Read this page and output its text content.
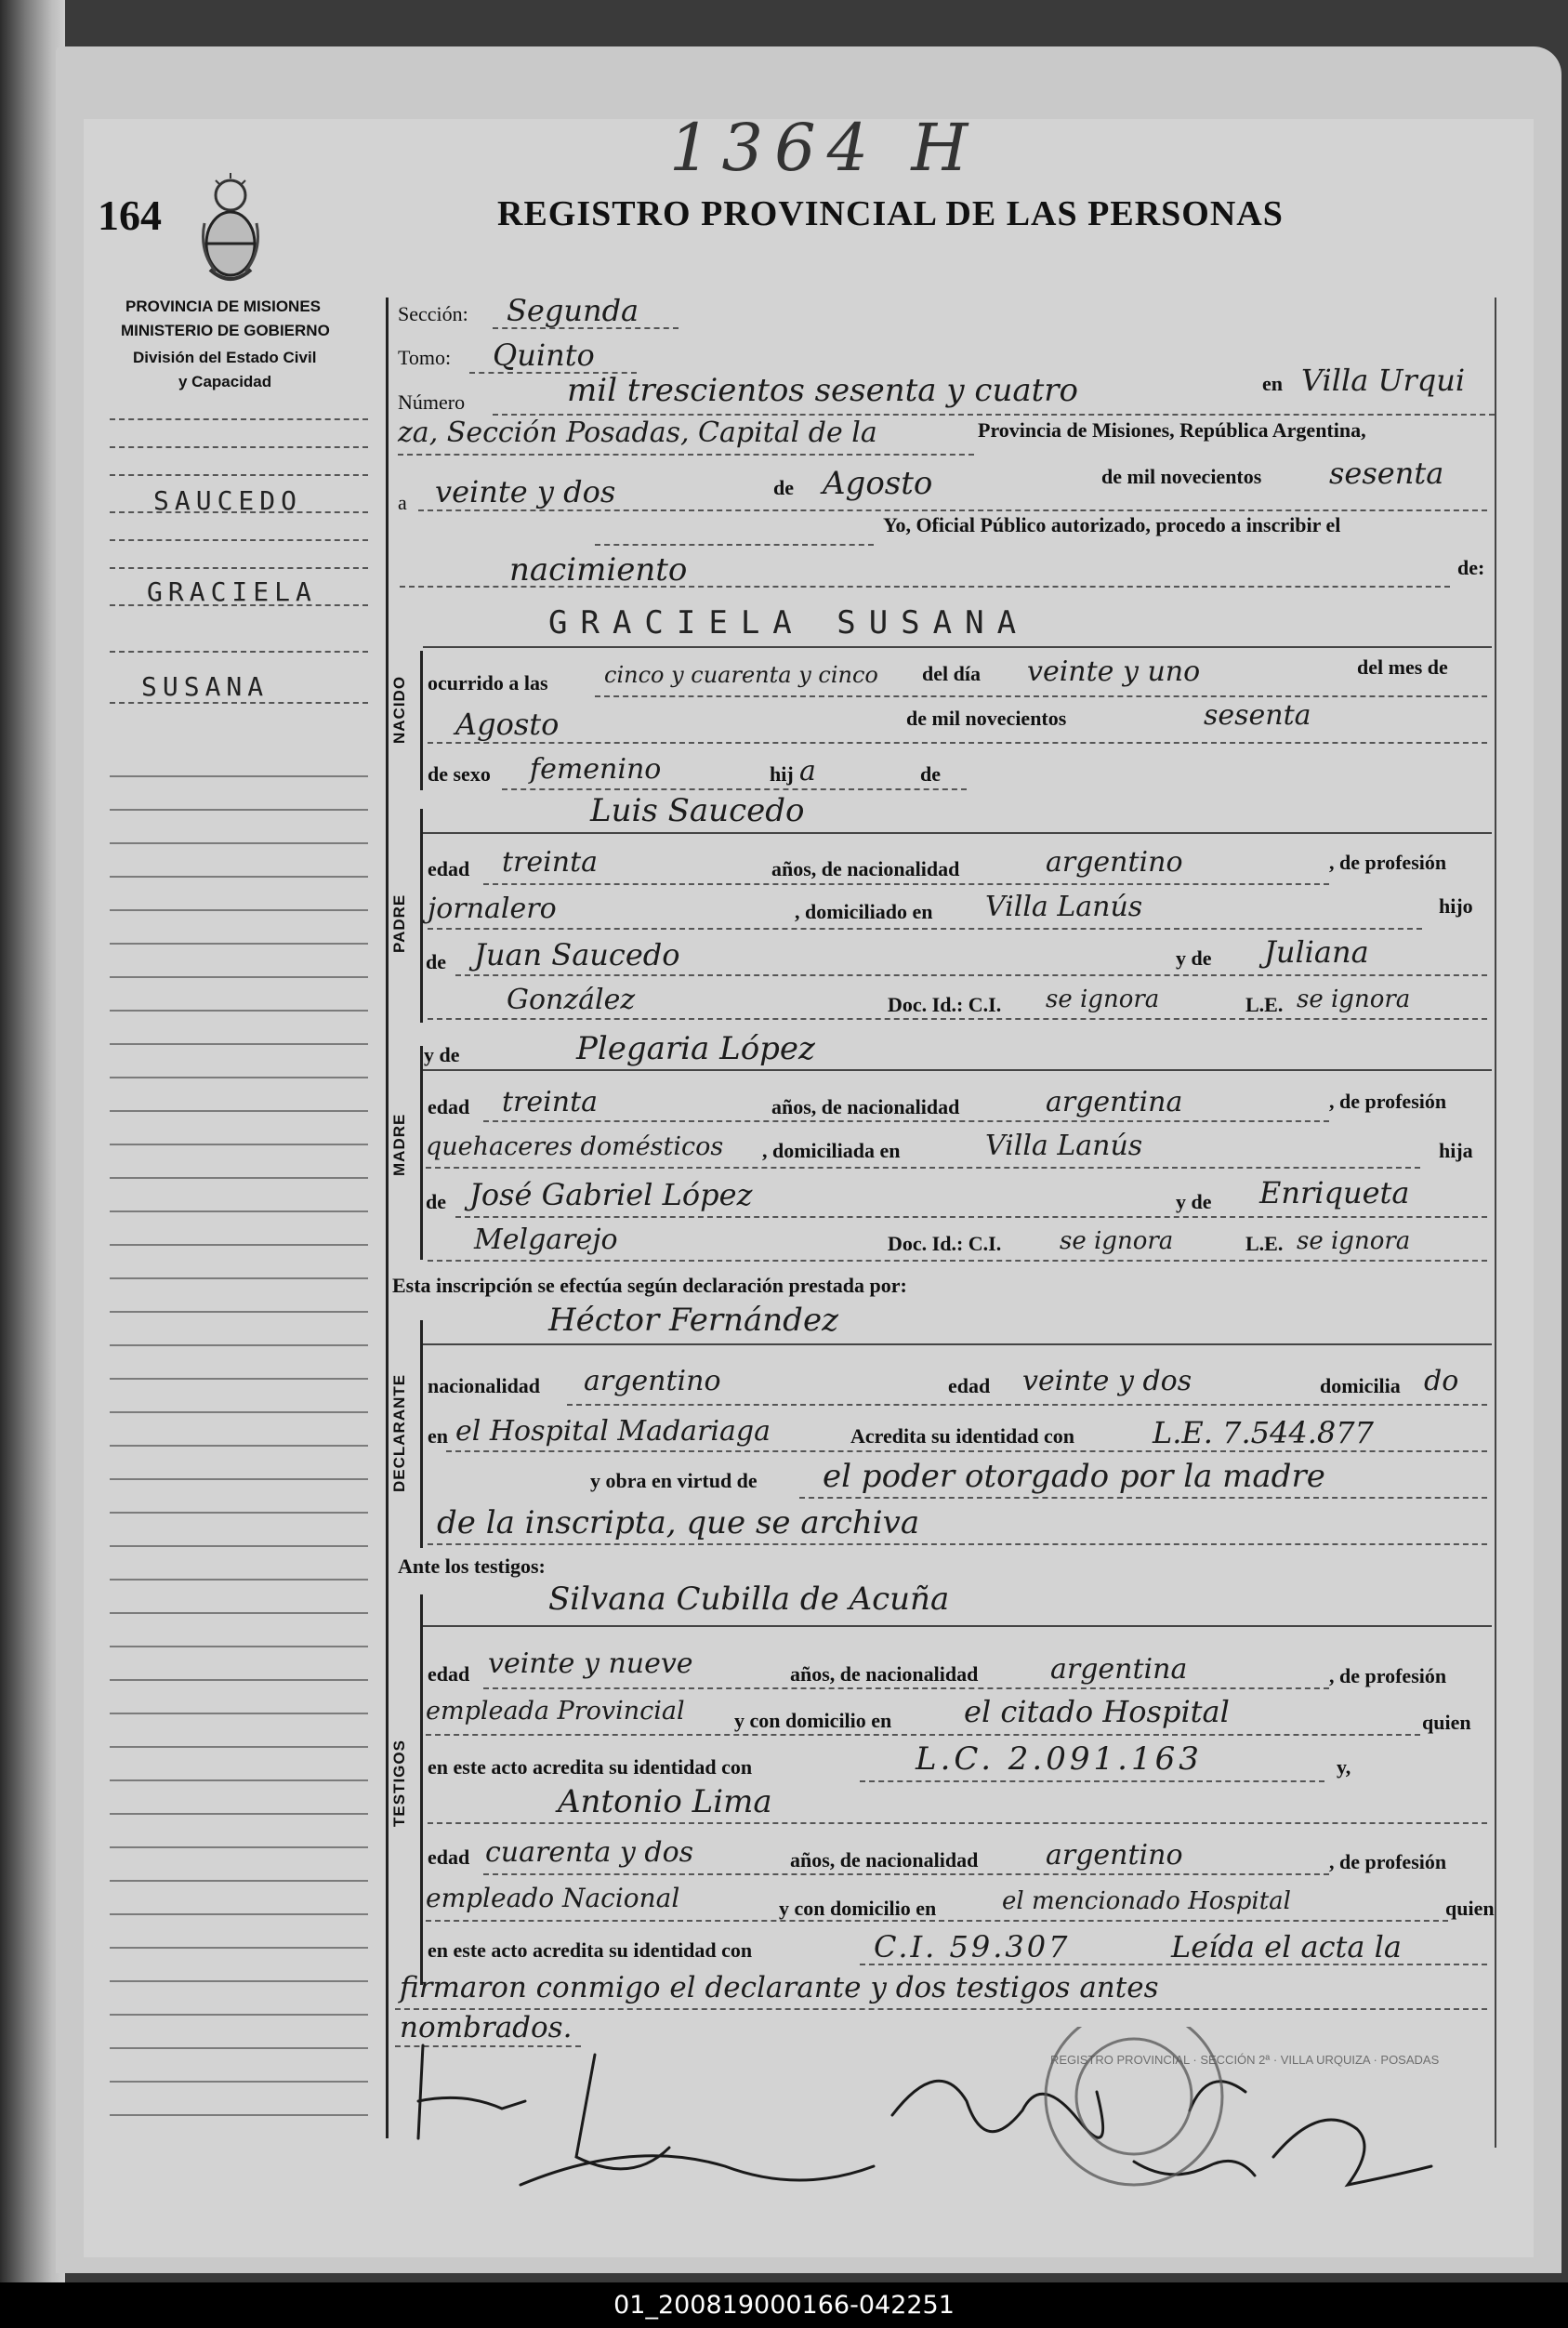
1364 H
164	REGISTRO PROVINCIAL DE LAS PERSONAS
PROVINCIA DE MISIONES
MINISTERIO DE GOBIERNO
División del Estado Civil
y Capacidad
SAUCEDO
GRACIELA
SUSANA
Sección: Segunda
Tomo: Quinto
Número	mil trescientos sesenta y cuatro	en Villa Urqui
za, Sección Posadas, Capital de la	Provincia de Misiones, República Argentina,
a veinte y dos	de Agosto	de mil novecientos sesenta
Yo, Oficial Público autorizado, procedo a inscribir el
nacimiento	de:
GRACIELA SUSANA
NACIDO ocurrido a las	cinco y cuarenta y cinco del día veinte y uno	del mes de
Agosto	de mil novecientos	sesenta
de sexo femenino	hij a	de
Luis Saucedo
PADRE
edad treinta	años, de nacionalidad	argentino	, de profesión
jornalero	, domiciliado en Villa Lanús	hijo
de Juan Saucedo	y de Juliana
González	Doc. Id.: C.I. se ignora	L.E. se ignora
y de	Plegaria López
MADRE
edad treinta	años, de nacionalidad	argentina	, de profesión
quehaceres domésticos , domiciliada en	Villa Lanús	hija
de José Gabriel López	y de Enriqueta
Melgarejo	Doc. Id.: C.I. se ignora	L.E. se ignora
Esta inscripción se efectúa según declaración prestada por:
Héctor Fernández
DECLARANTE nacionalidad argentino	edad veinte y dos	domicilia do
en el Hospital Madariaga	Acredita su identidad con	L.E. 7.544.877
y obra en virtud de el poder otorgado por la madre
de la inscripta, que se archiva
Ante los testigos:
Silvana Cubilla de Acuña
TESTIGOS
edad veinte y nueve	años, de nacionalidad	argentina	, de profesión
empleada Provincial y con domicilio en el citado Hospital	quien
en este acto acredita su identidad con	L.C. 2.091.163	y,
Antonio Lima
edad cuarenta y dos	años, de nacionalidad argentino	, de profesión
empleado Nacional	y con domicilio en	el mencionado Hospital	quien
en este acto acredita su identidad con	C.I. 59.307	Leída el acta la
firmaron conmigo el declarante y dos testigos antes
nombrados.
REGISTRO PROVINCIAL · SECCIÓN 2ª · VILLA URQUIZA · POSADAS
01_200819000166-042251
